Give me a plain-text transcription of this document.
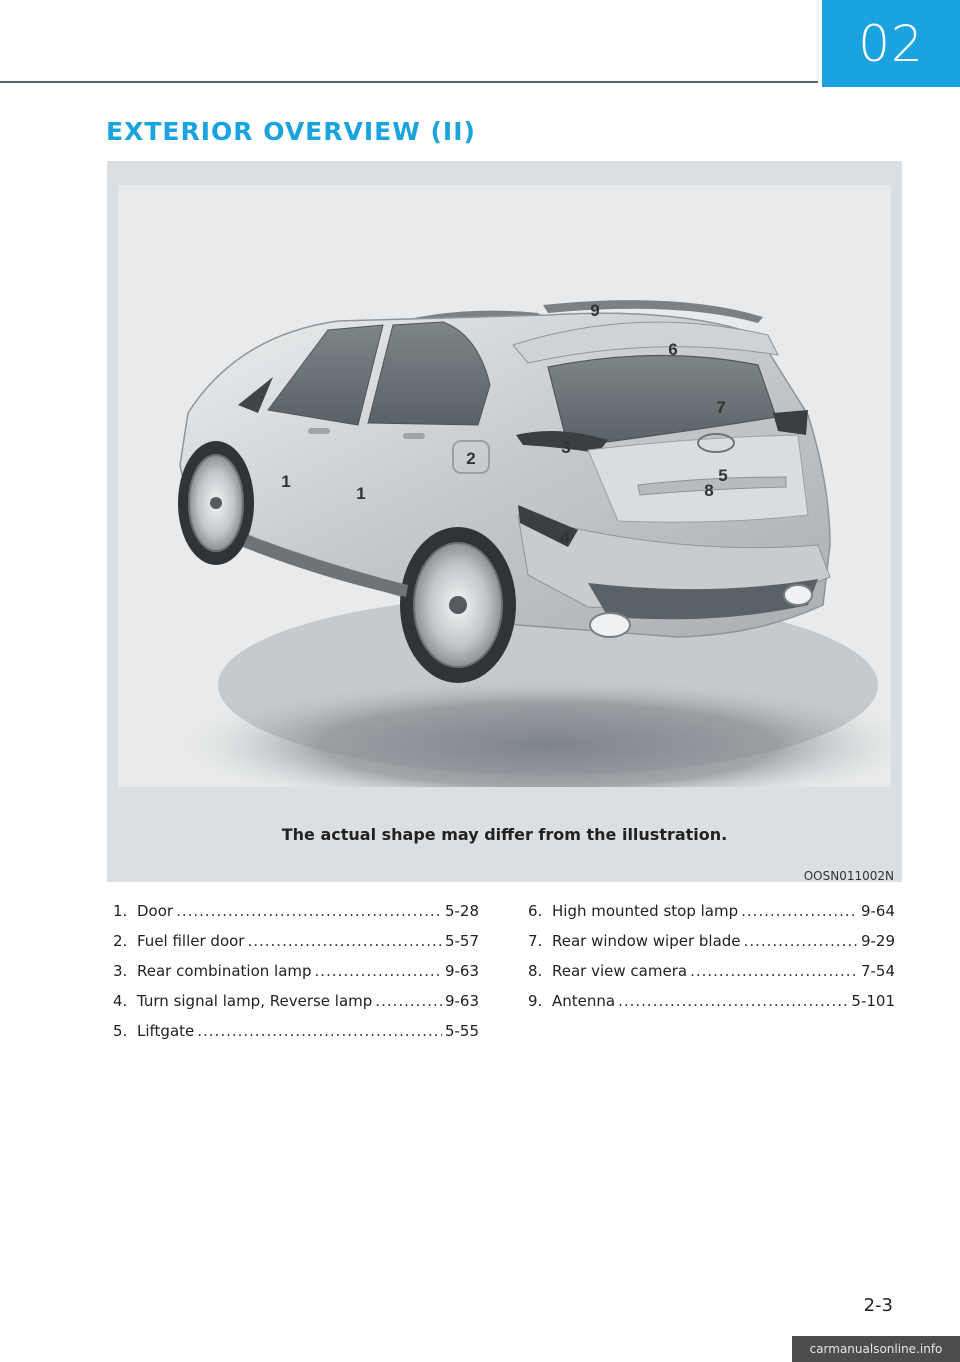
02
EXTERIOR OVERVIEW (II)
9
6
7
3
2
1
1
5
8
4
The actual shape may differ from the illustration.
OOSN011002N
1. Door .....	5-28
2. Fuel filler door .....	5-57
3. Rear combination lamp .....	9-63
4. Turn signal lamp, Reverse lamp .....	9-63
5. Liftgate .....	5-55
6. High mounted stop lamp .....	9-64
7. Rear window wiper blade .....	9-29
8. Rear view camera .....	7-54
9. Antenna .....	5-101
2-3
carmanualsonline.info
